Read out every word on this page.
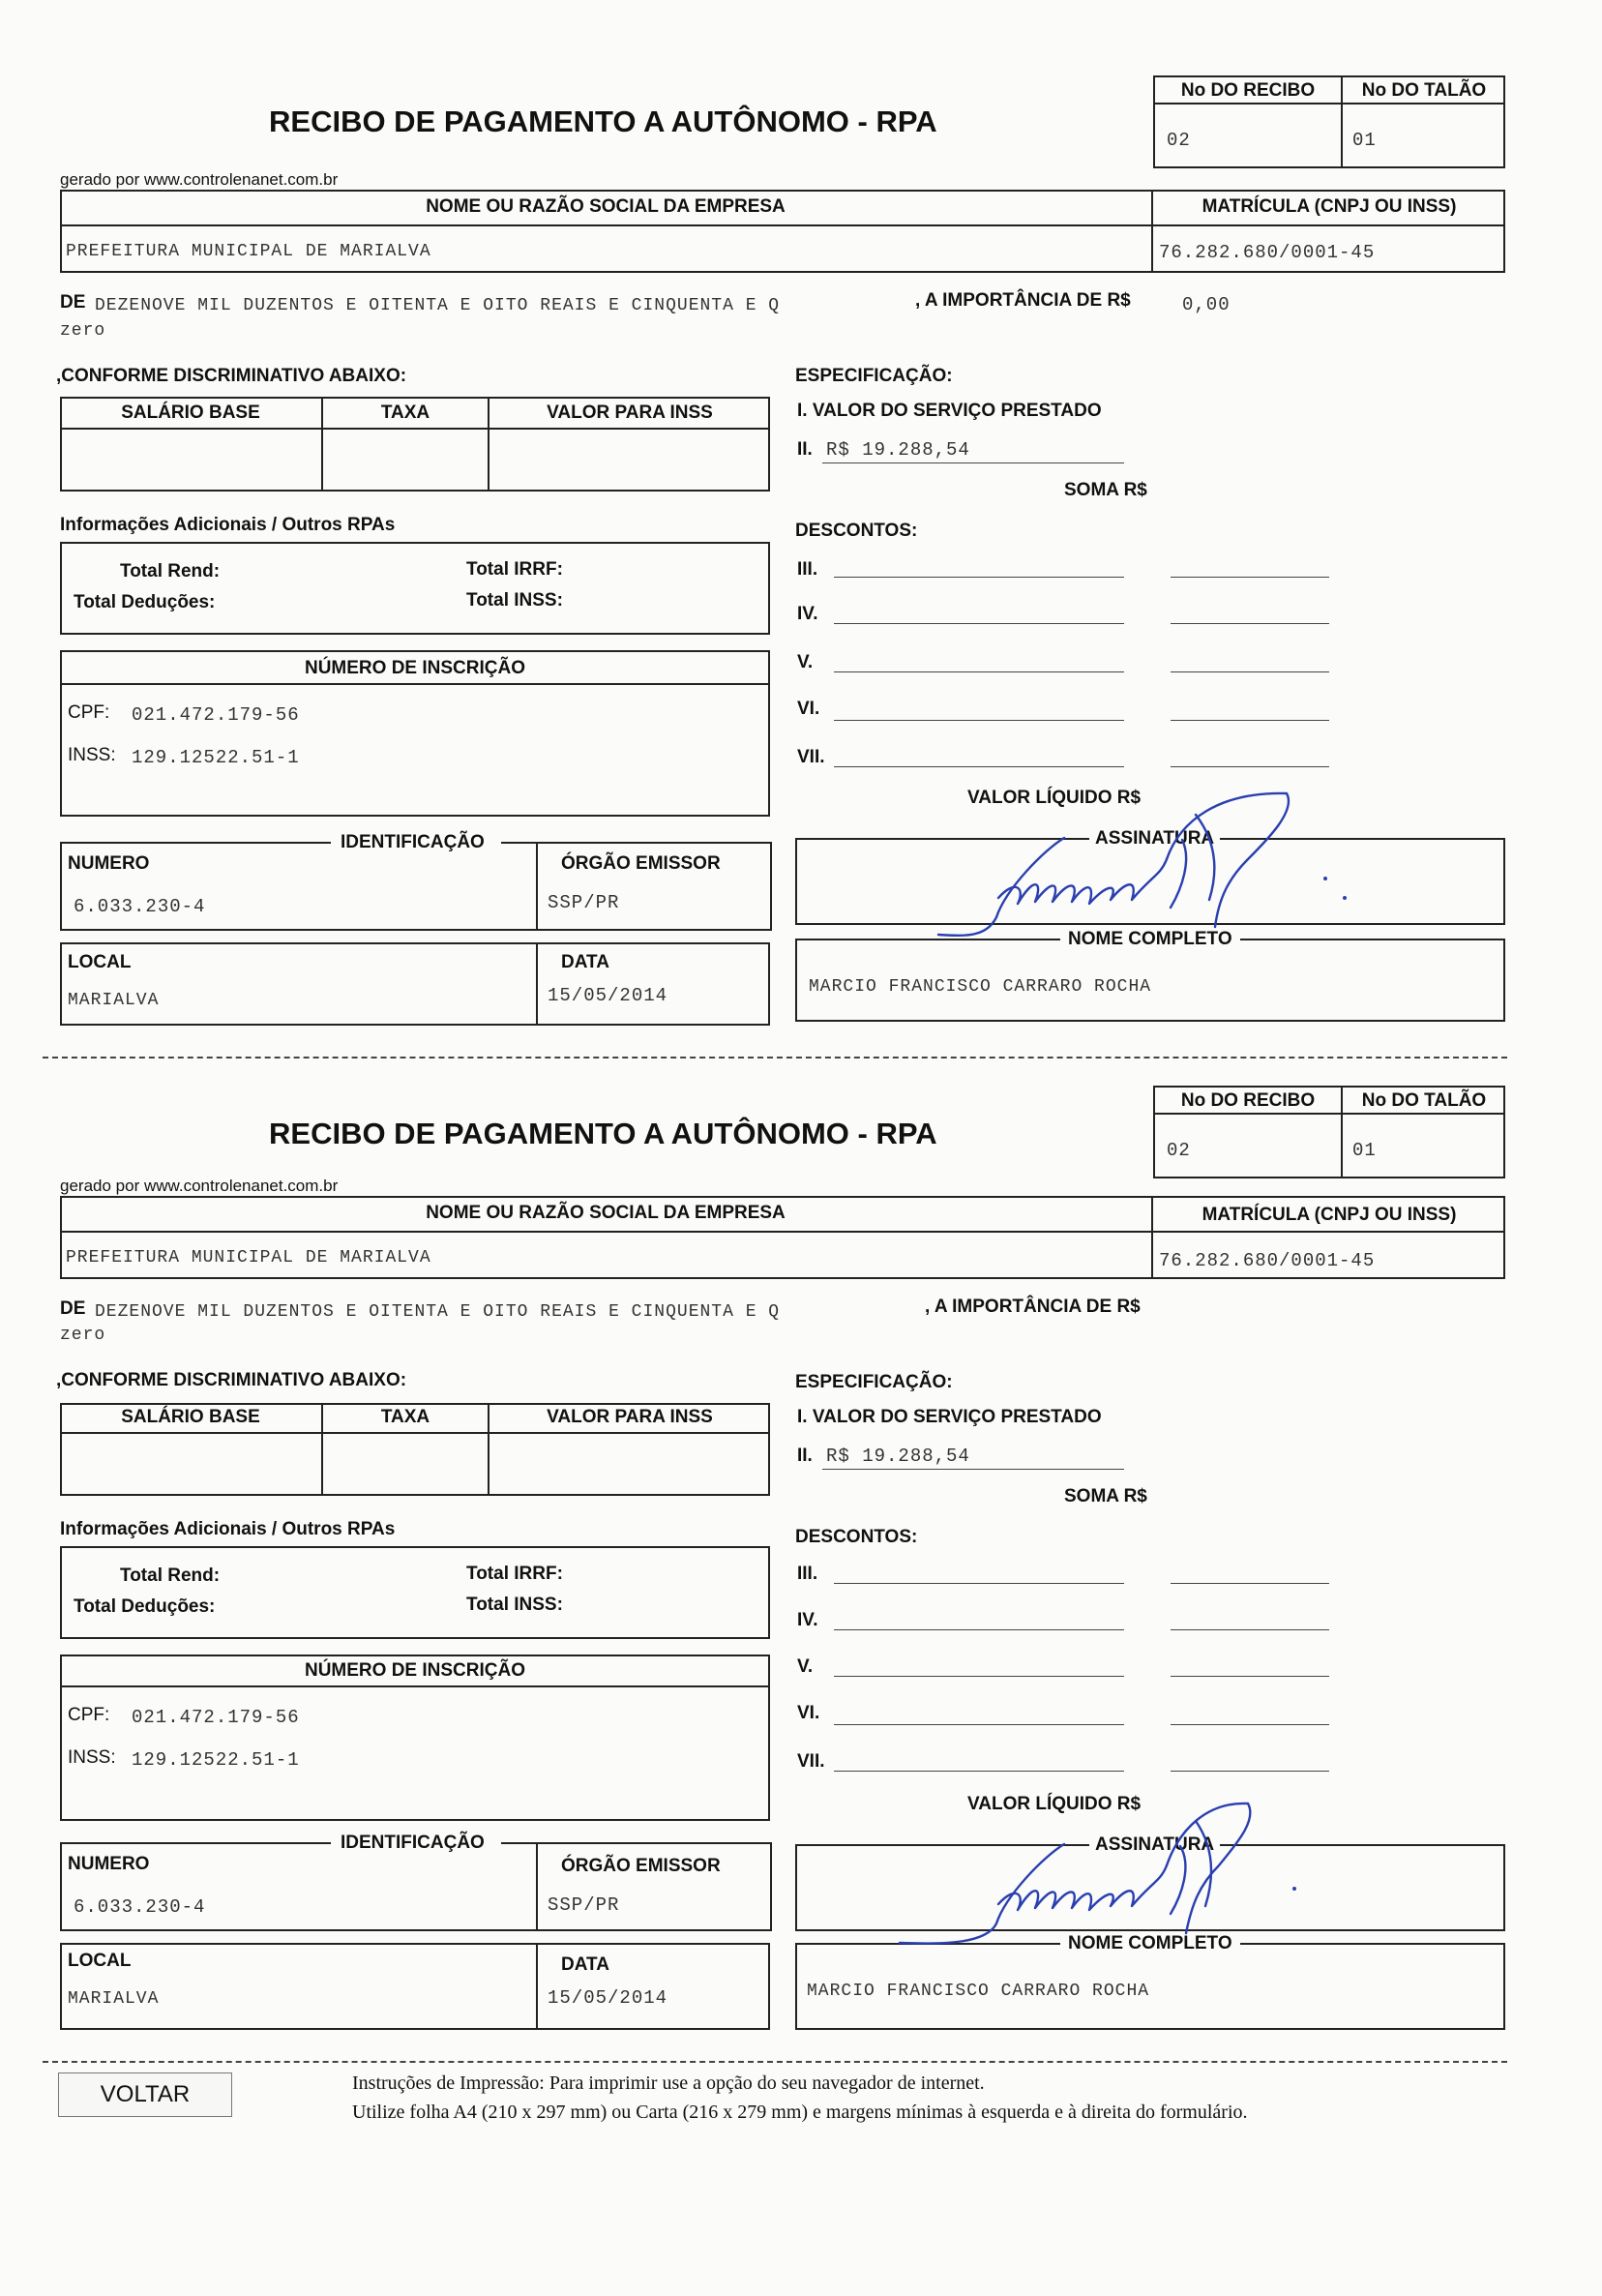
RECIBO DE PAGAMENTO A AUTÔNOMO - RPA
No DO RECIBO	No DO TALÃO
02	01
gerado por www.controlenanet.com.br
NOME OU RAZÃO SOCIAL DA EMPRESA	MATRÍCULA (CNPJ OU INSS)
PREFEITURA MUNICIPAL DE MARIALVA	76.282.680/0001-45
DE DEZENOVE MIL DUZENTOS E OITENTA E OITO REAIS E CINQUENTA E Q
zero
, A IMPORTÂNCIA DE R$	0,00
,CONFORME DISCRIMINATIVO ABAIXO:
SALÁRIO BASE	TAXA	VALOR PARA INSS
Informações Adicionais / Outros RPAs
Total Rend:	Total IRRF:
Total Deduções:	Total INSS:
NÚMERO DE INSCRIÇÃO
CPF: 021.472.179-56
INSS: 129.12522.51-1
IDENTIFICAÇÃO
NUMERO	ÓRGÃO EMISSOR
6.033.230-4	SSP/PR
LOCAL	DATA
MARIALVA	15/05/2014
ESPECIFICAÇÃO:
I. VALOR DO SERVIÇO PRESTADO
II. R$ 19.288,54
SOMA R$
DESCONTOS:
III.
IV.
V.
VI.
VII.
VALOR LÍQUIDO R$
ASSINATURA
NOME COMPLETO
MARCIO FRANCISCO CARRARO ROCHA
RECIBO DE PAGAMENTO A AUTÔNOMO - RPA
No DO RECIBO	No DO TALÃO
02	01
gerado por www.controlenanet.com.br
NOME OU RAZÃO SOCIAL DA EMPRESA	MATRÍCULA (CNPJ OU INSS)
PREFEITURA MUNICIPAL DE MARIALVA	76.282.680/0001-45
DE DEZENOVE MIL DUZENTOS E OITENTA E OITO REAIS E CINQUENTA E Q
zero
, A IMPORTÂNCIA DE R$
,CONFORME DISCRIMINATIVO ABAIXO:
SALÁRIO BASE	TAXA	VALOR PARA INSS
Informações Adicionais / Outros RPAs
Total Rend:	Total IRRF:
Total Deduções:	Total INSS:
NÚMERO DE INSCRIÇÃO
CPF: 021.472.179-56
INSS: 129.12522.51-1
IDENTIFICAÇÃO
NUMERO	ÓRGÃO EMISSOR
6.033.230-4	SSP/PR
LOCAL	DATA
MARIALVA	15/05/2014
ESPECIFICAÇÃO:
I. VALOR DO SERVIÇO PRESTADO
II. R$ 19.288,54
SOMA R$
DESCONTOS:
III.
IV.
V.
VI.
VII.
VALOR LÍQUIDO R$
ASSINATURA
NOME COMPLETO
MARCIO FRANCISCO CARRARO ROCHA
VOLTAR	Instruções de Impressão: Para imprimir use a opção do seu navegador de internet.
Utilize folha A4 (210 x 297 mm) ou Carta (216 x 279 mm) e margens mínimas à esquerda e à direita do formulário.
